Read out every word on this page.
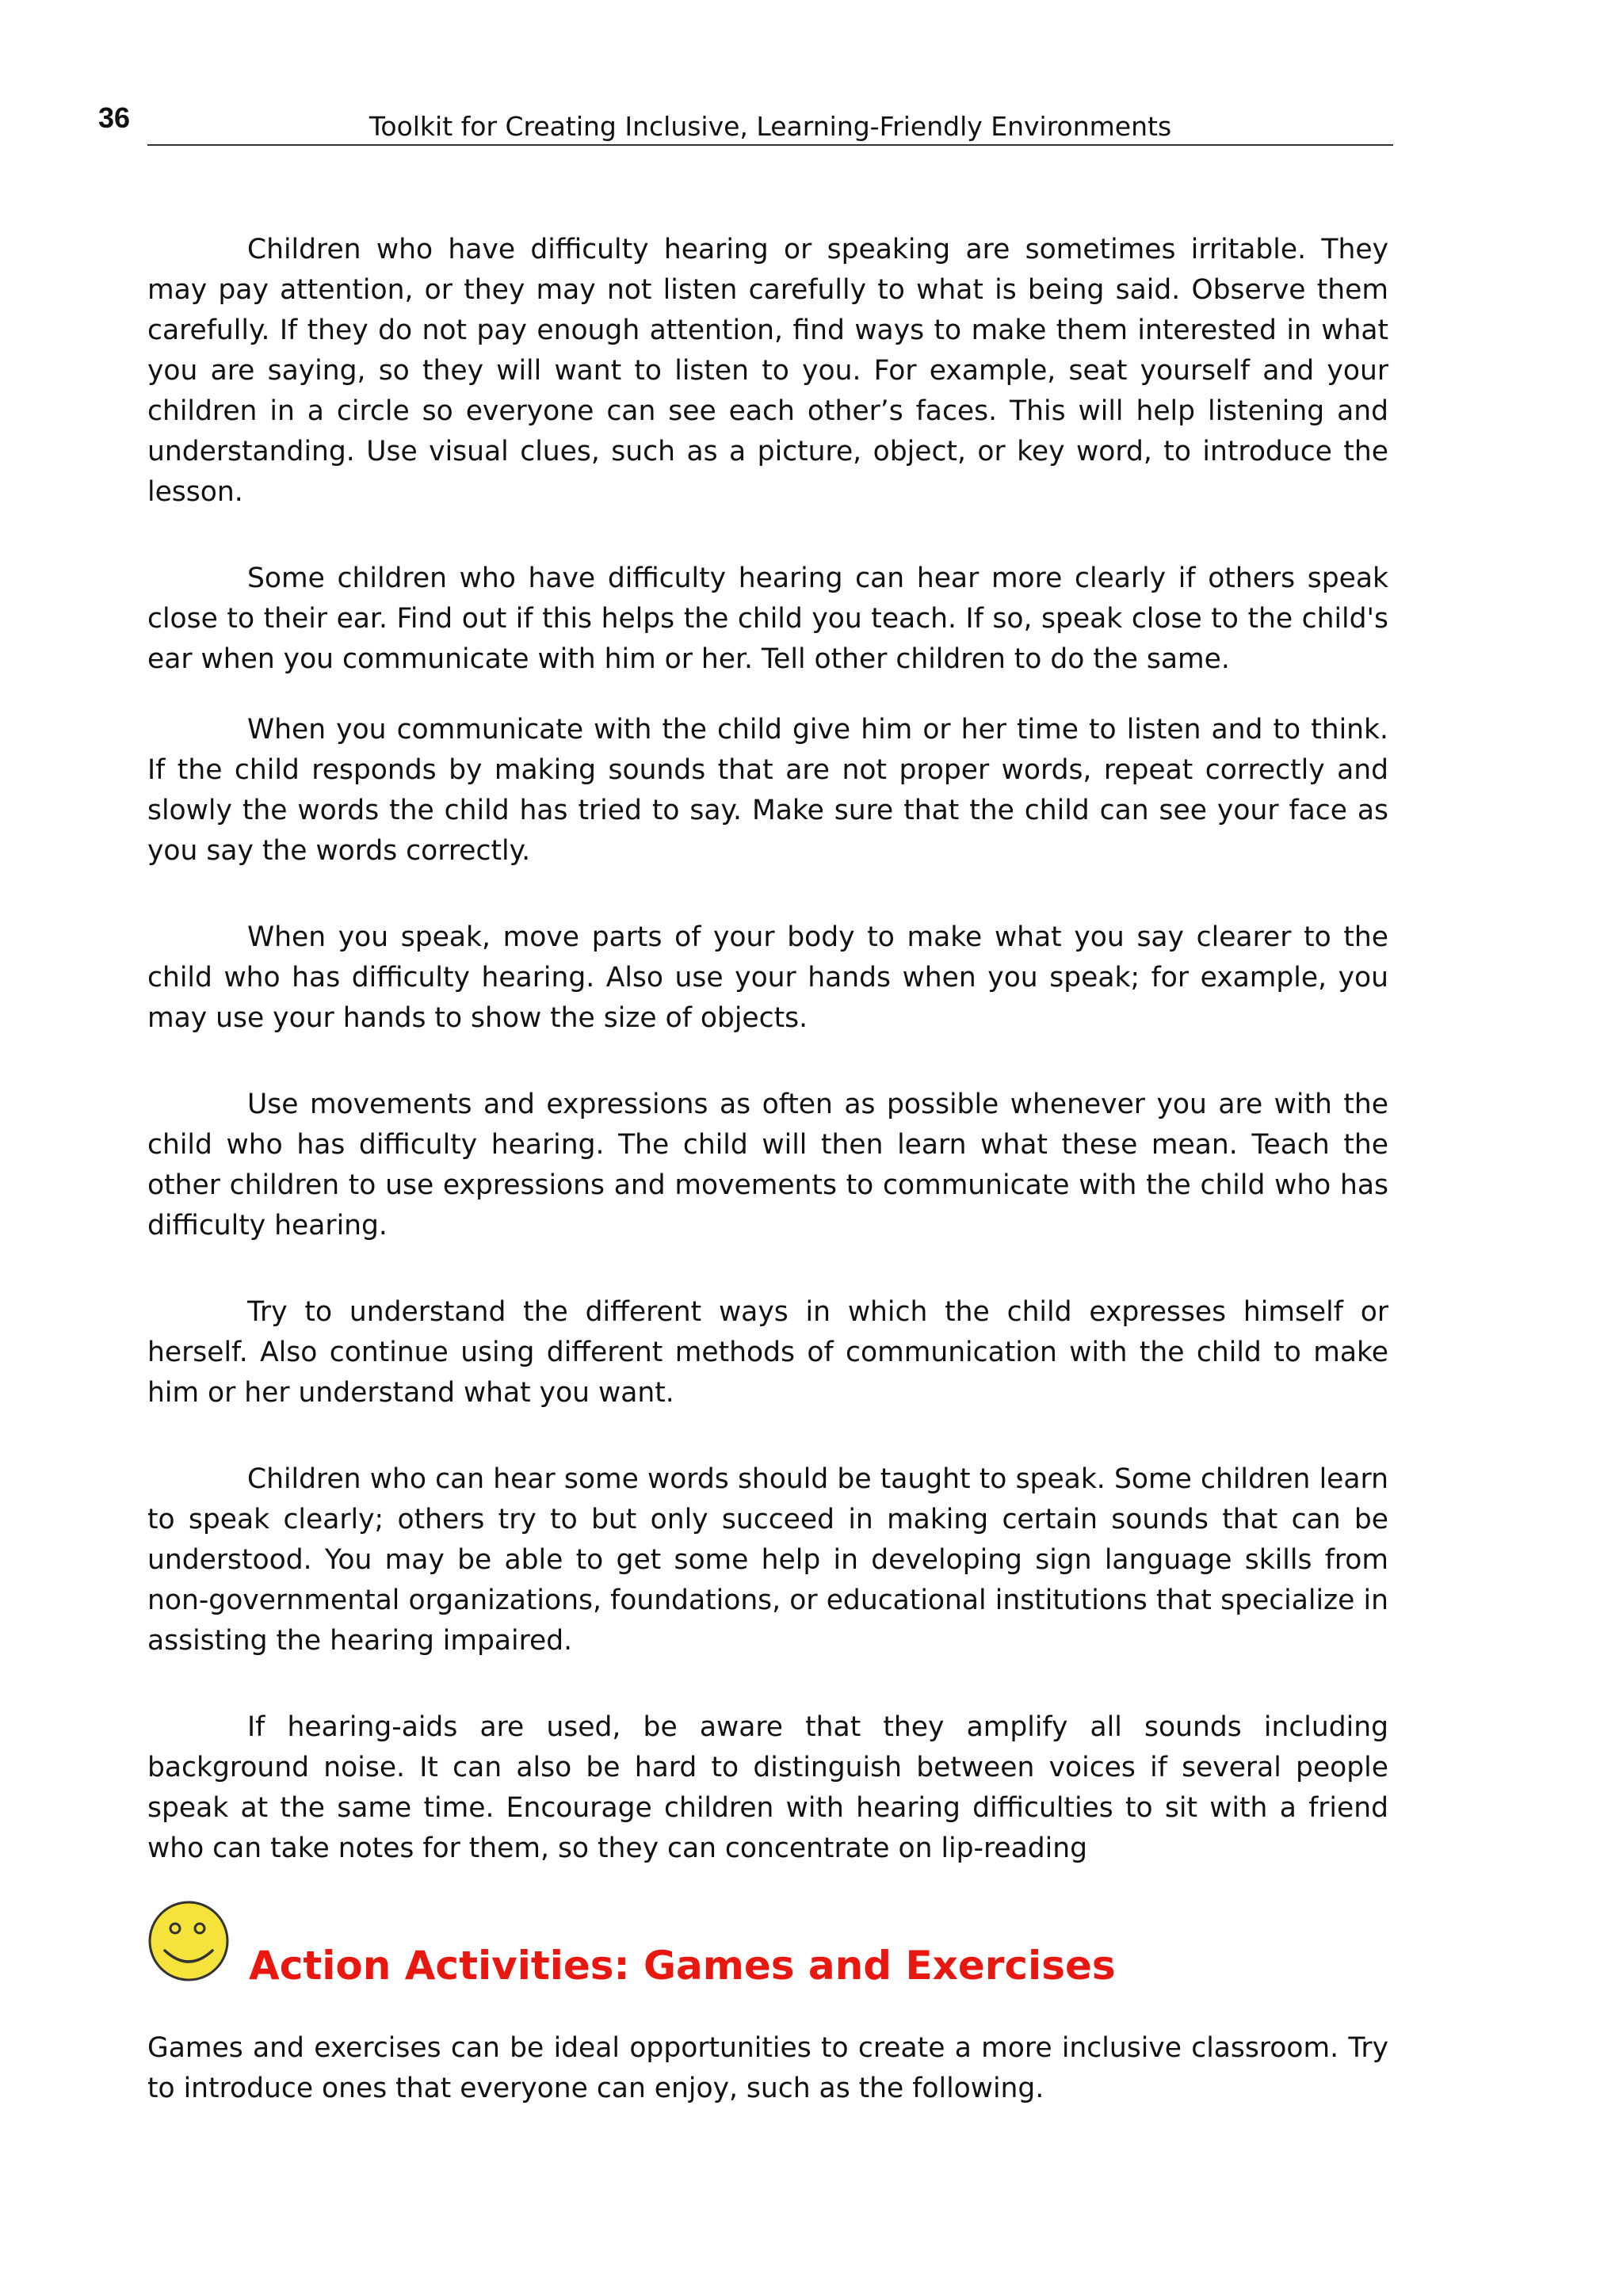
36	Toolkit for Creating Inclusive, Learning-Friendly Environments

Children who have difficulty hearing or speaking are sometimes irritable. They may pay attention, or they may not listen carefully to what is being said. Observe them carefully. If they do not pay enough attention, find ways to make them interested in what you are saying, so they will want to listen to you. For example, seat yourself and your children in a circle so everyone can see each other’s faces. This will help listening and understanding. Use visual clues, such as a picture, object, or key word, to introduce the lesson.

Some children who have difficulty hearing can hear more clearly if others speak close to their ear. Find out if this helps the child you teach. If so, speak close to the child's ear when you communicate with him or her. Tell other children to do the same.

When you communicate with the child give him or her time to listen and to think. If the child responds by making sounds that are not proper words, repeat correctly and slowly the words the child has tried to say. Make sure that the child can see your face as you say the words correctly.

When you speak, move parts of your body to make what you say clearer to the child who has difficulty hearing. Also use your hands when you speak; for example, you may use your hands to show the size of objects.

Use movements and expressions as often as possible whenever you are with the child who has difficulty hearing. The child will then learn what these mean. Teach the other children to use expressions and movements to communicate with the child who has difficulty hearing.

Try to understand the different ways in which the child expresses himself or herself. Also continue using different methods of communication with the child to make him or her understand what you want.

Children who can hear some words should be taught to speak. Some children learn to speak clearly; others try to but only succeed in making certain sounds that can be understood. You may be able to get some help in developing sign language skills from non-governmental organizations, foundations, or educational institutions that specialize in assisting the hearing impaired.

If hearing-aids are used, be aware that they amplify all sounds including background noise. It can also be hard to distinguish between voices if several people speak at the same time. Encourage children with hearing difficulties to sit with a friend who can take notes for them, so they can concentrate on lip-reading

Action Activities: Games and Exercises

Games and exercises can be ideal opportunities to create a more inclusive classroom. Try to introduce ones that everyone can enjoy, such as the following.
